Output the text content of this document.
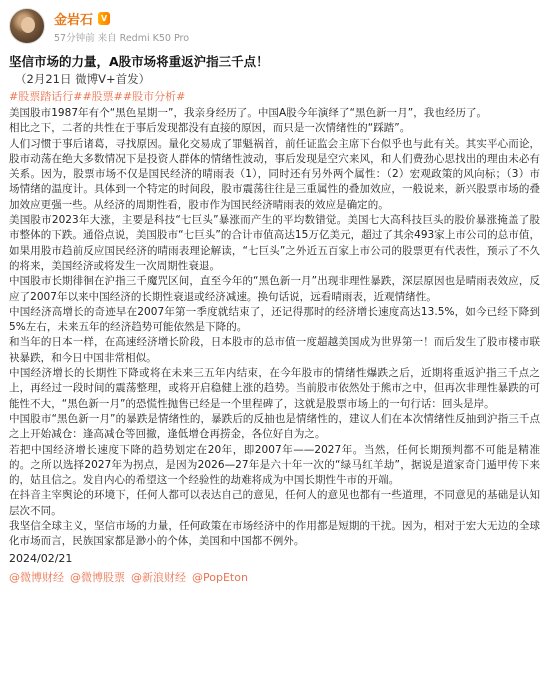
金岩石	V
57分钟前 来自 Redmi K50 Pro
坚信市场的力量，A股市场将重返沪指三千点！
（2月21日 微博V+首发）
#股票踏话行##股票##股市分析#

美国股市1987年有个“黑色星期一”，我亲身经历了。中国A股今年演绎了“黑色新一月”，我也经历了。

相比之下，二者的共性在于事后发现都没有直接的原因，而只是一次情绪性的“踩踏”。

人们习惯于事后诸葛，寻找原因。量化交易成了罪魁祸首，前任证监会主席下台似乎也与此有关。其实平心而论，股市动荡在绝大多数情况下是投资人群体的情绪性波动，事后发现是空穴来风，和人们费劲心思找出的理由未必有关系。因为，股票市场不仅是国民经济的晴雨表（1），同时还有另外两个属性：（2）宏观政策的风向标；（3）市场情绪的温度计。具体到一个特定的时间段，股市震荡往往是三重属性的叠加效应，一般说来，新兴股票市场的叠加效应更强一些。从经济的周期性看，股市作为国民经济晴雨表的效应是确定的。

美国股市2023年大涨，主要是科技“七巨头”暴涨而产生的平均数错觉。美国七大高科技巨头的股价暴涨掩盖了股市整体的下跌。通俗点说，美国股市“七巨头”的合计市值高达15万亿美元，超过了其余493家上市公司的总市值，如果用股市趋前反应国民经济的晴雨表理论解读，“七巨头”之外近五百家上市公司的股票更有代表性，预示了不久的将来，美国经济或将发生一次周期性衰退。

中国股市长期徘徊在沪指三千魔咒区间，直至今年的“黑色新一月”出现非理性暴跌，深层原因也是晴雨表效应，反应了2007年以来中国经济的长期性衰退或经济减速。换句话说，远看晴雨表，近观情绪性。

中国经济高增长的奇迹早在2007年第一季度就结束了，还记得那时的经济增长速度高达13.5%，如今已经下降到5%左右，未来五年的经济趋势可能依然是下降的。

和当年的日本一样，在高速经济增长阶段，日本股市的总市值一度超越美国成为世界第一！而后发生了股市楼市联袂暴跌，和今日中国非常相似。

中国经济增长的长期性下降或将在未来三五年内结束，在今年股市的情绪性爆跌之后，近期将重返沪指三千点之上，再经过一段时间的震荡整理，或将开启稳健上涨的趋势。当前股市依然处于熊市之中，但再次非理性暴跌的可能性不大，“黑色新一月”的恐慌性抛售已经是一个里程碑了，这就是股票市场上的一句行话：回头是岸。

中国股市“黑色新一月”的暴跌是情绪性的，暴跌后的反抽也是情绪性的，建议人们在本次情绪性反抽到沪指三千点之上开始减仓：逢高减仓等回撤，逢低增仓再捞金，各位好自为之。

若把中国经济增长速度下降的趋势划定在20年，即2007年——2027年。当然，任何长期预判都不可能是精准的。之所以选择2027年为拐点，是因为2026—27年是六十年一次的“绿马红羊劫”，据说是道家奇门遁甲传下来的，姑且信之。发自内心的希望这一个经验性的劫难将成为中国长期性牛市的开端。

在抖音主宰舆论的环境下，任何人都可以表达自己的意见，任何人的意见也都有一些道理，不同意见的基础是认知层次不同。

我坚信全球主义，坚信市场的力量，任何政策在市场经济中的作用都是短期的干扰。因为，相对于宏大无边的全球化市场而言，民族国家都是渺小的个体，美国和中国都不例外。

2024/02/21
@微博财经 @微博股票 @新浪财经 @PopEton
